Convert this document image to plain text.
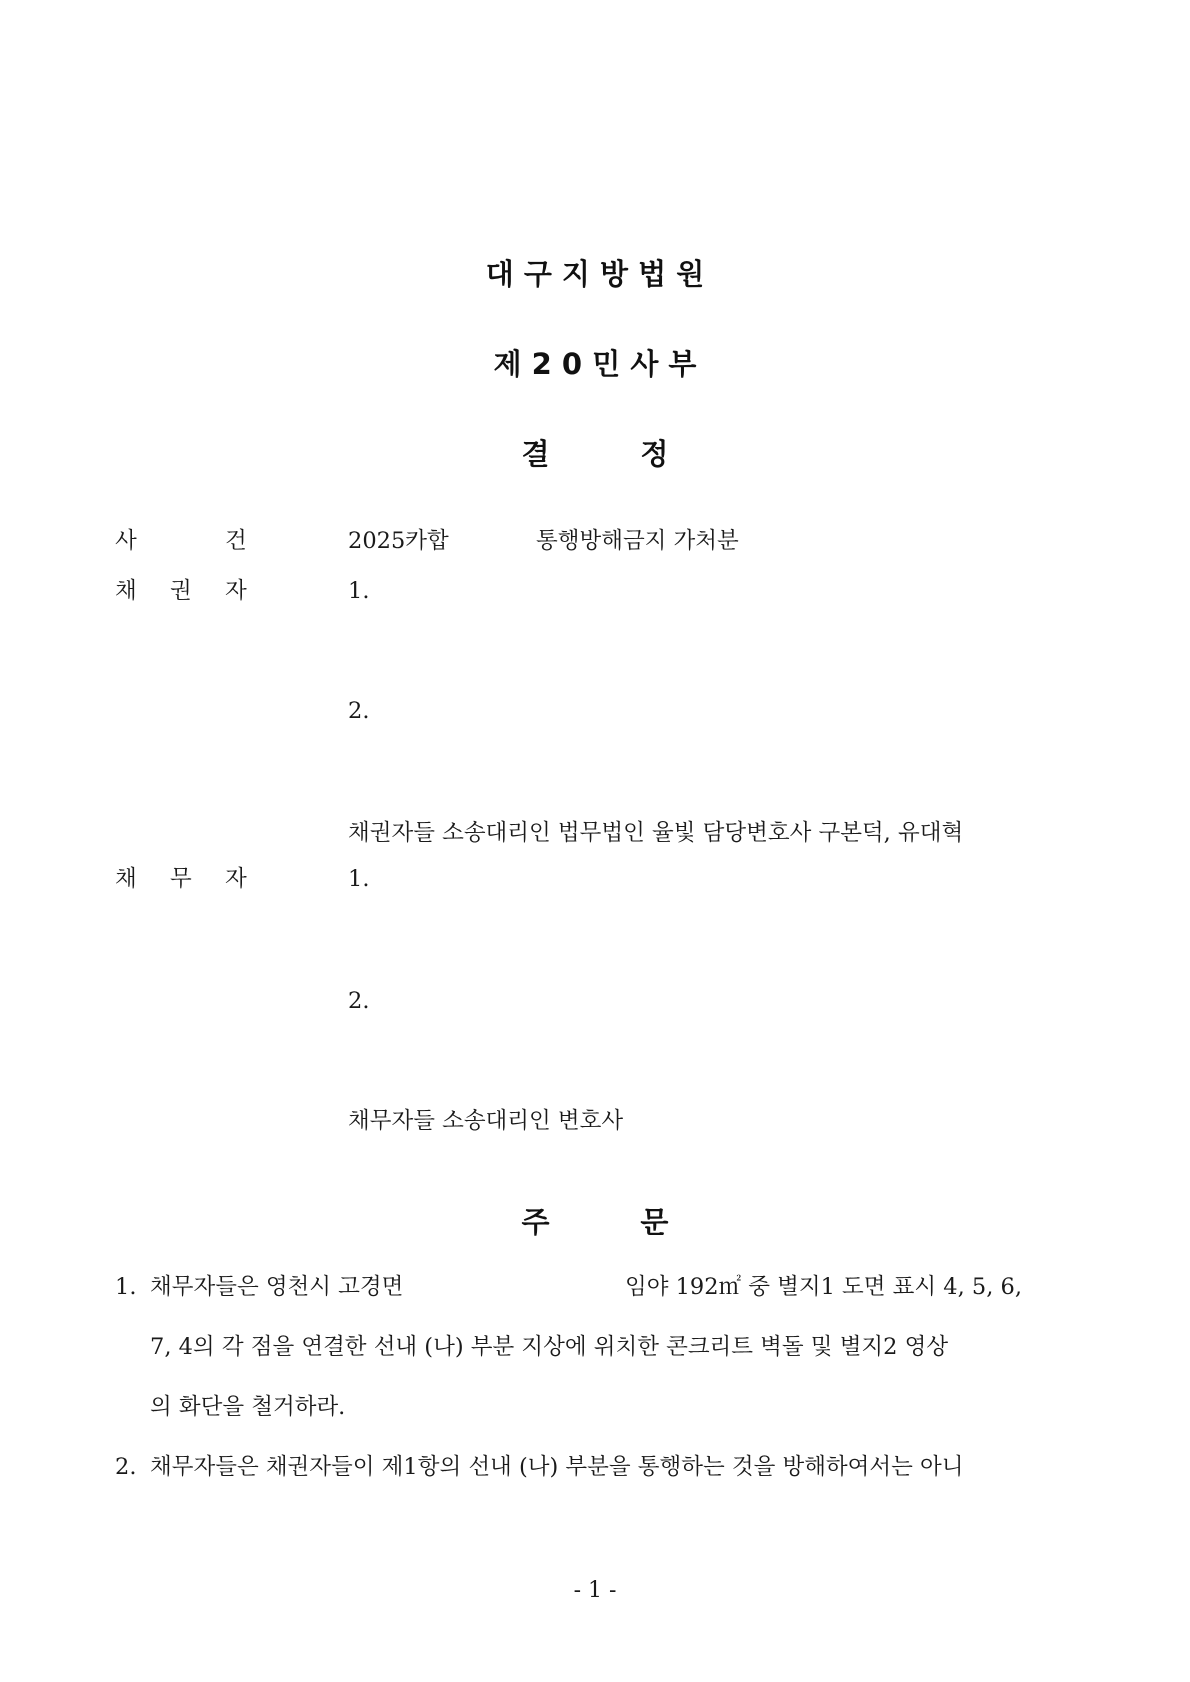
대 구 지 방 법 원
제 2 0 민 사 부
결         정
사	건	2025카합	통행방해금지 가처분
채 권 자	1.
2.
채권자들 소송대리인 법무법인 율빛 담당변호사 구본덕, 유대혁
채 무 자	1.
2.
채무자들 소송대리인 변호사
주         문
1. 채무자들은 영천시 고경면	임야 192㎡ 중 별지1 도면 표시 4, 5, 6,
7, 4의 각 점을 연결한 선내 (나) 부분 지상에 위치한 콘크리트 벽돌 및 별지2 영상
의 화단을 철거하라.
2. 채무자들은 채권자들이 제1항의 선내 (나) 부분을 통행하는 것을 방해하여서는 아니
- 1 -
